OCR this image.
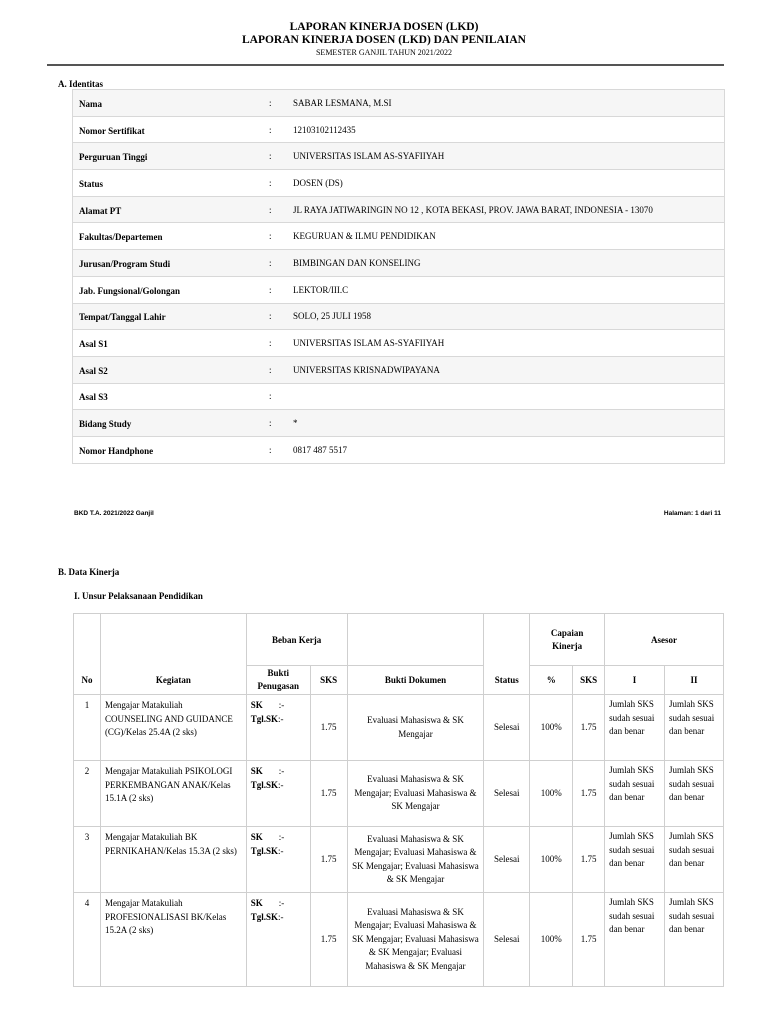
LAPORAN KINERJA DOSEN (LKD)
LAPORAN KINERJA DOSEN (LKD) DAN PENILAIAN
SEMESTER GANJIL TAHUN 2021/2022
A. Identitas
Nama	:	SABAR LESMANA, M.SI
Nomor Sertifikat	:	12103102112435
Perguruan Tinggi	:	UNIVERSITAS ISLAM AS-SYAFIIYAH
Status	:	DOSEN (DS)
Alamat PT	:	JL RAYA JATIWARINGIN NO 12 , KOTA BEKASI, PROV. JAWA BARAT, INDONESIA - 13070
Fakultas/Departemen	:	KEGURUAN & ILMU PENDIDIKAN
Jurusan/Program Studi	:	BIMBINGAN DAN KONSELING
Jab. Fungsional/Golongan	:	LEKTOR/III.C
Tempat/Tanggal Lahir	:	SOLO, 25 JULI 1958
Asal S1	:	UNIVERSITAS ISLAM AS-SYAFIIYAH
Asal S2	:	UNIVERSITAS KRISNADWIPAYANA
Asal S3	:	
Bidang Study	:	*
Nomor Handphone	:	0817 487 5517
BKD T.A. 2021/2022 Ganjil	Halaman: 1 dari 11
B. Data Kinerja
I. Unsur Pelaksanaan Pendidikan
		Beban Kerja				Capaian Kinerja		Asesor	
No	Kegiatan	Bukti Penugasan	SKS	Bukti Dokumen	Status	%	SKS	I	II
1	Mengajar Matakuliah COUNSELING AND GUIDANCE (CG)/Kelas 25.4A (2 sks)	SK :-
Tgl.SK:-	1.75	Evaluasi Mahasiswa & SK Mengajar	Selesai	100%	1.75	Jumlah SKS sudah sesuai dan benar	Jumlah SKS sudah sesuai dan benar
2	Mengajar Matakuliah PSIKOLOGI PERKEMBANGAN ANAK/Kelas 15.1A (2 sks)	SK :-
Tgl.SK:-	1.75	Evaluasi Mahasiswa & SK Mengajar; Evaluasi Mahasiswa & SK Mengajar	Selesai	100%	1.75	Jumlah SKS sudah sesuai dan benar	Jumlah SKS sudah sesuai dan benar
3	Mengajar Matakuliah BK PERNIKAHAN/Kelas 15.3A (2 sks)	SK :-
Tgl.SK:-	1.75	Evaluasi Mahasiswa & SK Mengajar; Evaluasi Mahasiswa & SK Mengajar; Evaluasi Mahasiswa & SK Mengajar	Selesai	100%	1.75	Jumlah SKS sudah sesuai dan benar	Jumlah SKS sudah sesuai dan benar
4	Mengajar Matakuliah PROFESIONALISASI BK/Kelas 15.2A (2 sks)	SK :-
Tgl.SK:-	1.75	Evaluasi Mahasiswa & SK Mengajar; Evaluasi Mahasiswa & SK Mengajar; Evaluasi Mahasiswa & SK Mengajar; Evaluasi Mahasiswa & SK Mengajar	Selesai	100%	1.75	Jumlah SKS sudah sesuai dan benar	Jumlah SKS sudah sesuai dan benar
